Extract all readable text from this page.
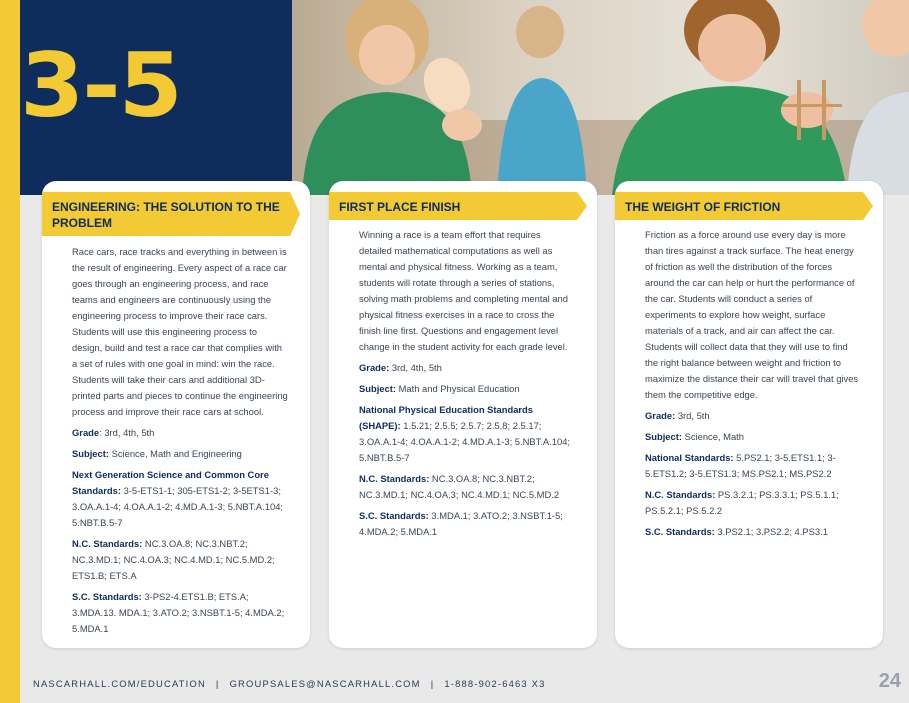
3-5
ENGINEERING: THE SOLUTION TO THE PROBLEM

Race cars, race tracks and everything in between is the result of engineering. Every aspect of a race car goes through an engineering process, and race teams and engineers are continuously using the engineering process to improve their race cars. Students will use this engineering process to design, build and test a race car that complies with a set of rules with one goal in mind: win the race. Students will take their cars and additional 3D-printed parts and pieces to continue the engineering process and improve their race cars at school.

Grade: 3rd, 4th, 5th

Subject: Science, Math and Engineering

Next Generation Science and Common Core Standards: 3-5-ETS1-1; 305-ETS1-2; 3-5ETS1-3; 3.OA.A.1-4; 4.OA.A.1-2; 4.MD.A.1-3; 5.NBT.A.104; 5.NBT.B.5-7

N.C. Standards: NC.3.OA.8; NC.3.NBT.2; NC.3.MD.1; NC.4.OA.3; NC.4.MD.1; NC.5.MD.2; ETS1.B; ETS.A

S.C. Standards: 3-PS2-4.ETS1.B; ETS.A; 3.MDA.13. MDA.1; 3.ATO.2; 3.NSBT.1-5; 4.MDA.2; 5.MDA.1

FIRST PLACE FINISH

Winning a race is a team effort that requires detailed mathematical computations as well as mental and physical fitness. Working as a team, students will rotate through a series of stations, solving math problems and completing mental and physical fitness exercises in a race to cross the finish line first. Questions and engagement level change in the student activity for each grade level.

Grade: 3rd, 4th, 5th

Subject: Math and Physical Education

National Physical Education Standards (SHAPE): 1.5.21; 2.5.5; 2.5.7; 2.5.8; 2.5.17; 3.OA.A.1-4; 4.OA.A.1-2; 4.MD.A.1-3; 5.NBT.A.104; 5.NBT.B.5-7

N.C. Standards: NC.3.OA.8; NC.3.NBT.2; NC.3.MD.1; NC.4.OA.3; NC.4.MD.1; NC.5.MD.2

S.C. Standards: 3.MDA.1; 3.ATO.2; 3.NSBT.1-5; 4.MDA.2; 5.MDA.1

THE WEIGHT OF FRICTION

Friction as a force around use every day is more than tires against a track surface. The heat energy of friction as well the distribution of the forces around the car can help or hurt the performance of the car. Students will conduct a series of experiments to explore how weight, surface materials of a track, and air can affect the car. Students will collect data that they will use to find the right balance between weight and friction to maximize the distance their car will travel that gives them the competitive edge.

Grade: 3rd, 5th

Subject: Science, Math

National Standards: 5.PS2.1; 3-5.ETS1.1; 3-5.ETS1.2; 3-5.ETS1.3; MS.PS2.1; MS.PS2.2

N.C. Standards: PS.3.2.1; PS.3.3.1; PS.5.1.1; PS.5.2.1; PS.5.2.2

S.C. Standards: 3.PS2.1; 3.PS2.2; 4.PS3.1

NASCARHALL.COM/EDUCATION | GROUPSALES@NASCARHALL.COM | 1-888-902-6463 X3	24
